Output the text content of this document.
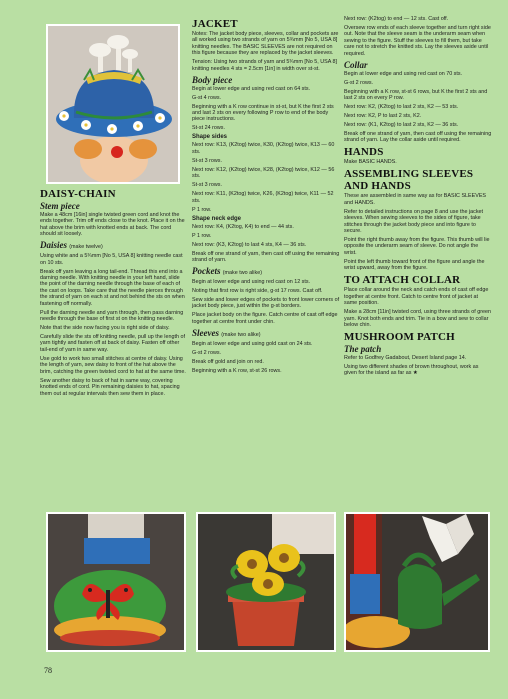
DAISY-CHAIN
Stem piece

Make a 48cm [16in] single twisted green cord and knot the ends together. Trim off ends close to the knot. Place it on the hat above the brim with knotted ends at back. The cord should sit loosely.

Daisies (make twelve)

Using white and a 5¾mm [No 5, USA 8] knitting needle cast on 10 sts.

Break off yarn leaving a long tail-end. Thread this end into a darning needle. With knitting needle in your left hand, slide the point of the darning needle through the base of each of the cast on loops. Take care that the needle pierces through the strand of yarn on each st and not behind the sts on when fastening off normally.

Pull the darning needle and yarn through, then pass darning needle through the base of first st on the knitting needle.

Note that the side now facing you is right side of daisy.

Carefully slide the sts off knitting needle, pull up the length of yarn tightly and fasten off at back of daisy. Fasten off other tail-end of yarn in same way.

Use gold to work two small stitches at centre of daisy. Using the length of yarn, sew daisy to front of the hat above the brim, catching the green twisted cord to hat at the same time.

Sew another daisy to back of hat in same way, covering knotted ends of cord. Pin remaining daisies to hat, spacing them out at regular intervals then sew them in place.

JACKET

Notes: The jacket body piece, sleeves, collar and pockets are all worked using two strands of yarn on 5¾mm [No 5, USA 8] knitting needles. The BASIC SLEEVES are not required on this figure because they are replaced by the jacket sleeves.

Tension: Using two strands of yarn and 5¾mm [No 5, USA 8] knitting needles 4 sts = 2.5cm [1in] in width over st-st.

Body piece

Begin at lower edge and using red cast on 64 sts.

G-st 4 rows.

Beginning with a K row continue in st-st, but K the first 2 sts and last 2 sts on every following P row to end of the body piece instructions.

St-st 24 rows.

Shape sides

Next row: K13, (K2tog) twice, K30, (K2tog) twice, K13 — 60 sts.

St-st 3 rows.

Next row: K12, (K2tog) twice, K28, (K2tog) twice, K12 — 56 sts.

St-st 3 rows.

Next row: K11, (K2tog) twice, K26, (K2tog) twice, K11 — 52 sts.

P 1 row.

Shape neck edge

Next row: K4, (K2tog, K4) to end — 44 sts.

P 1 row.

Next row: (K3, K2tog) to last 4 sts, K4 — 36 sts.

Break off one strand of yarn, then cast off using the remaining strand of yarn.

Pockets (make two alike)

Begin at lower edge and using red cast on 12 sts.

Noting that first row is right side, g-st 17 rows. Cast off.

Sew side and lower edges of pockets to front lower corners of jacket body piece, just within the g-st borders.

Place jacket body on the figure. Catch centre of cast off edge together at centre front under chin.

Sleeves (make two alike)

Begin at lower edge and using gold cast on 24 sts.

G-st 2 rows.

Break off gold and join on red.

Beginning with a K row, st-st 26 rows.

Next row: (K2tog) to end — 12 sts. Cast off.

Oversew row ends of each sleeve together and turn right side out. Note that the sleeve seam is the underarm seam when sewing to the figure. Stuff the sleeves to fill them, but take care not to stretch the knitted sts. Lay the sleeves aside until required.

Collar

Begin at lower edge and using red cast on 70 sts.

G-st 2 rows.

Beginning with a K row, st-st 6 rows, but K the first 2 sts and last 2 sts on every P row.

Next row: K2, (K2tog) to last 2 sts, K2 — 53 sts.

Next row: K2, P to last 2 sts, K2.

Next row: (K1, K2tog) to last 2 sts, K2 — 36 sts.

Break off one strand of yarn, then cast off using the remaining strand of yarn. Lay the collar aside until required.

HANDS

Make BASIC HANDS.

ASSEMBLING SLEEVES AND HANDS

These are assembled in same way as for BASIC SLEEVES and HANDS.

Refer to detailed instructions on page 8 and use the jacket sleeves. When sewing sleeves to the sides of figure, take stitches through the jacket body piece and into figure to secure.

Point the right thumb away from the figure. This thumb will lie opposite the underarm seam of sleeve. Do not angle the wrist.

Point the left thumb toward front of the figure and angle the wrist upward, away from the figure.

TO ATTACH COLLAR

Place collar around the neck and catch ends of cast off edge together at centre front. Catch to centre front of jacket at same position.

Make a 28cm [11in] twisted cord, using three strands of green yarn. Knot both ends and trim. Tie in a bow and sew to collar below chin.

MUSHROOM PATCH
The patch

Refer to Godfrey Gadabout, Desert Island page 14.

Using two different shades of brown throughout, work as given for the island as far as ★

78
